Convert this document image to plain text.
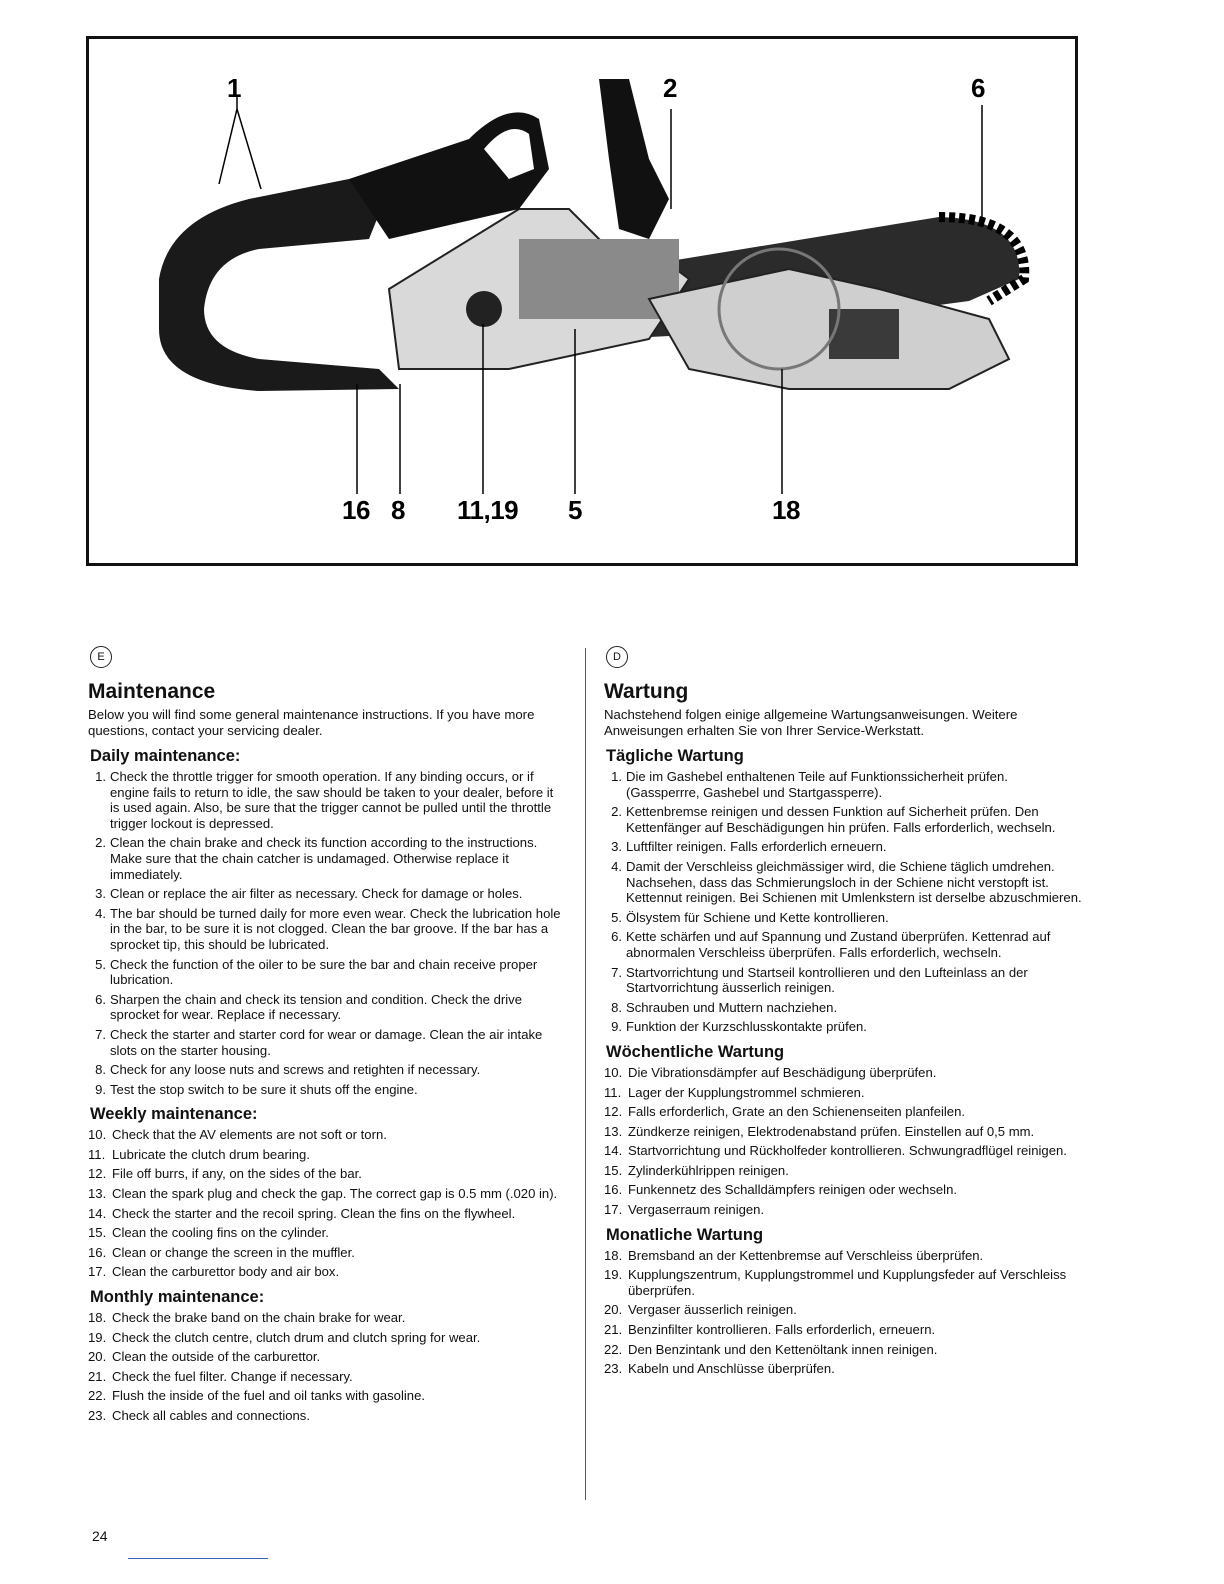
1	2	6
16 8 11,19 5	18
E
Maintenance

Below you will find some general maintenance instructions. If you have more questions, contact your servicing dealer.

Daily maintenance:
1. Check the throttle trigger for smooth operation. If any binding occurs, or if engine fails to return to idle, the saw should be taken to your dealer, before it is used again. Also, be sure that the trigger cannot be pulled until the throttle trigger lockout is depressed.
2. Clean the chain brake and check its function according to the instructions. Make sure that the chain catcher is undamaged. Otherwise replace it immediately.
3. Clean or replace the air filter as necessary. Check for damage or holes.
4. The bar should be turned daily for more even wear. Check the lubrication hole in the bar, to be sure it is not clogged. Clean the bar groove. If the bar has a sprocket tip, this should be lubricated.
5. Check the function of the oiler to be sure the bar and chain receive proper lubrication.
6. Sharpen the chain and check its tension and condition. Check the drive sprocket for wear. Replace if necessary.
7. Check the starter and starter cord for wear or damage. Clean the air intake slots on the starter housing.
8. Check for any loose nuts and screws and retighten if necessary.
9. Test the stop switch to be sure it shuts off the engine.
Weekly maintenance:
10. Check that the AV elements are not soft or torn.
11. Lubricate the clutch drum bearing.
12. File off burrs, if any, on the sides of the bar.
13. Clean the spark plug and check the gap. The correct gap is 0.5 mm (.020 in).
14. Check the starter and the recoil spring. Clean the fins on the flywheel.
15. Clean the cooling fins on the cylinder.
16. Clean or change the screen in the muffler.
17. Clean the carburettor body and air box.
Monthly maintenance:
18. Check the brake band on the chain brake for wear.
19. Check the clutch centre, clutch drum and clutch spring for wear.
20. Clean the outside of the carburettor.
21. Check the fuel filter. Change if necessary.
22. Flush the inside of the fuel and oil tanks with gasoline.
23. Check all cables and connections.
D
Wartung

Nachstehend folgen einige allgemeine Wartungsanweisungen. Weitere Anweisungen erhalten Sie von Ihrer Service-Werkstatt.

Tägliche Wartung
1. Die im Gashebel enthaltenen Teile auf Funktionssicherheit prüfen. (Gassperrre, Gashebel und Startgassperre).
2. Kettenbremse reinigen und dessen Funktion auf Sicherheit prüfen. Den Kettenfänger auf Beschädigungen hin prüfen. Falls erforderlich, wechseln.
3. Luftfilter reinigen. Falls erforderlich erneuern.
4. Damit der Verschleiss gleichmässiger wird, die Schiene täglich umdrehen. Nachsehen, dass das Schmierungsloch in der Schiene nicht verstopft ist. Kettennut reinigen. Bei Schienen mit Umlenkstern ist derselbe abzuschmieren.
5. Ölsystem für Schiene und Kette kontrollieren.
6. Kette schärfen und auf Spannung und Zustand überprüfen. Kettenrad auf abnormalen Verschleiss überprüfen. Falls erforderlich, wechseln.
7. Startvorrichtung und Startseil kontrollieren und den Lufteinlass an der Startvorrichtung äusserlich reinigen.
8. Schrauben und Muttern nachziehen.
9. Funktion der Kurzschlusskontakte prüfen.
Wöchentliche Wartung
10. Die Vibrationsdämpfer auf Beschädigung überprüfen.
11. Lager der Kupplungstrommel schmieren.
12. Falls erforderlich, Grate an den Schienenseiten planfeilen.
13. Zündkerze reinigen, Elektrodenabstand prüfen. Einstellen auf 0,5 mm.
14. Startvorrichtung und Rückholfeder kontrollieren. Schwungradflügel reinigen.
15. Zylinderkühlrippen reinigen.
16. Funkennetz des Schalldämpfers reinigen oder wechseln.
17. Vergaserraum reinigen.
Monatliche Wartung
18. Bremsband an der Kettenbremse auf Verschleiss überprüfen.
19. Kupplungszentrum, Kupplungstrommel und Kupplungsfeder auf Verschleiss überprüfen.
20. Vergaser äusserlich reinigen.
21. Benzinfilter kontrollieren. Falls erforderlich, erneuern.
22. Den Benzintank und den Kettenöltank innen reinigen.
23. Kabeln und Anschlüsse überprüfen.
24
